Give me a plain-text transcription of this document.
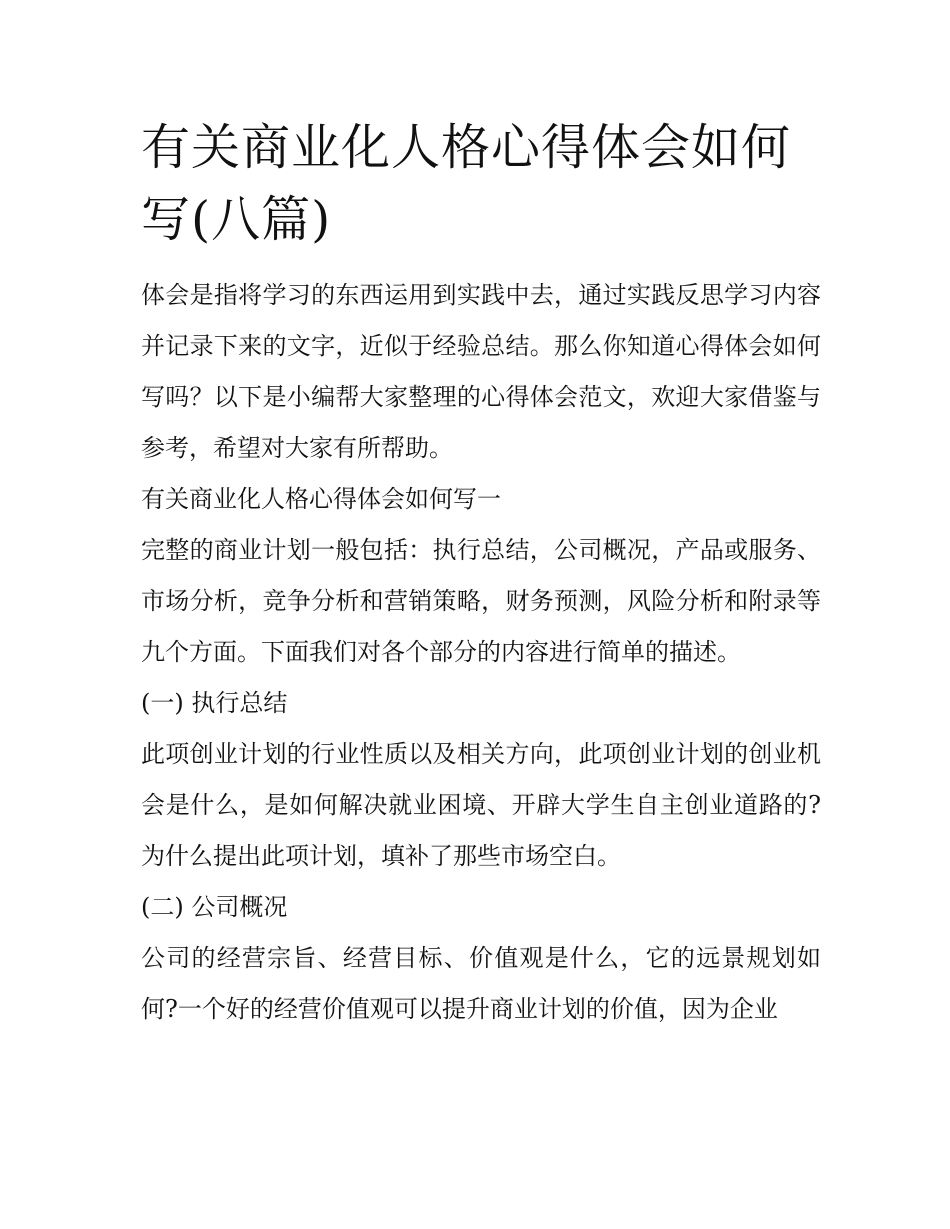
有关商业化人格心得体会如何写(八篇)

体会是指将学习的东西运用到实践中去，通过实践反思学习内容并记录下来的文字，近似于经验总结。那么你知道心得体会如何写吗？以下是小编帮大家整理的心得体会范文，欢迎大家借鉴与参考，希望对大家有所帮助。

有关商业化人格心得体会如何写一

完整的商业计划一般包括：执行总结，公司概况，产品或服务、市场分析，竞争分析和营销策略，财务预测，风险分析和附录等九个方面。下面我们对各个部分的内容进行简单的描述。

(一) 执行总结

此项创业计划的行业性质以及相关方向，此项创业计划的创业机会是什么，是如何解决就业困境、开辟大学生自主创业道路的?为什么提出此项计划，填补了那些市场空白。

(二) 公司概况

公司的经营宗旨、经营目标、价值观是什么，它的远景规划如何?一个好的经营价值观可以提升商业计划的价值，因为企业
